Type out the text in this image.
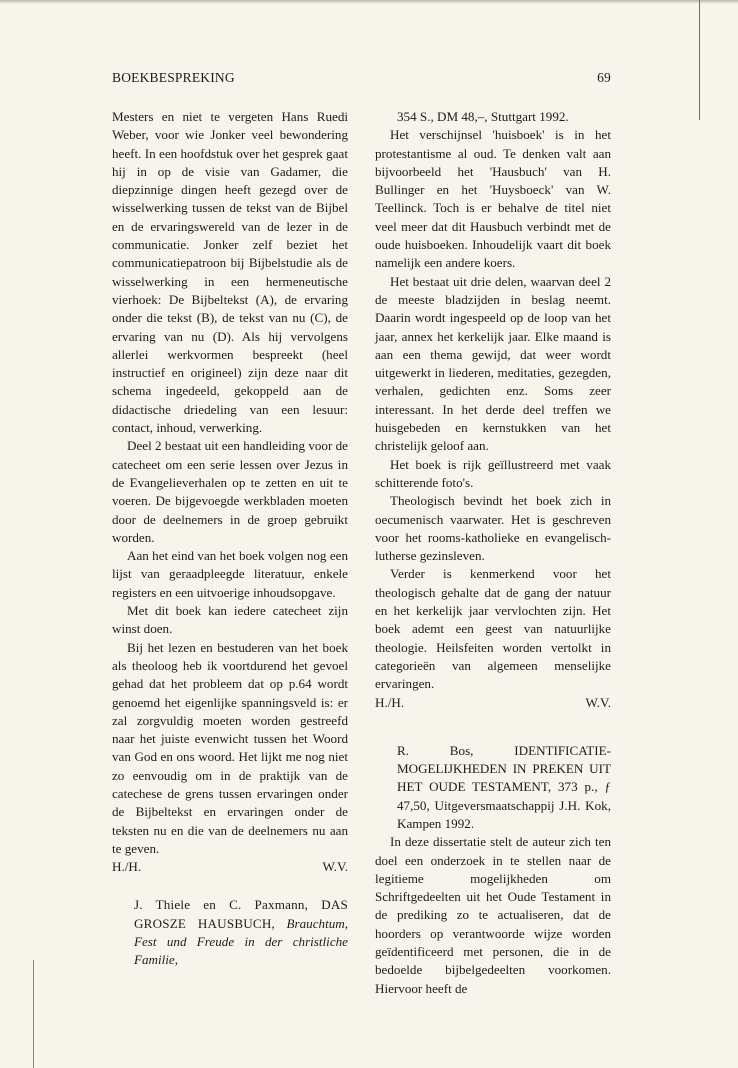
BOEKBESPREKING	69

Mesters en niet te vergeten Hans Ruedi Weber, voor wie Jonker veel bewondering heeft. In een hoofdstuk over het gesprek gaat hij in op de visie van Gadamer, die diepzinnige dingen heeft gezegd over de wisselwerking tussen de tekst van de Bijbel en de ervaringswereld van de lezer in de communicatie. Jonker zelf beziet het communicatiepatroon bij Bijbelstudie als de wisselwerking in een hermeneutische vierhoek: De Bijbeltekst (A), de ervaring onder die tekst (B), de tekst van nu (C), de ervaring van nu (D). Als hij vervolgens allerlei werkvormen bespreekt (heel instructief en origineel) zijn deze naar dit schema ingedeeld, gekoppeld aan de didactische driedeling van een lesuur: contact, inhoud, verwerking.

Deel 2 bestaat uit een handleiding voor de catecheet om een serie lessen over Jezus in de Evangelieverhalen op te zetten en uit te voeren. De bijgevoegde werkbladen moeten door de deelnemers in de groep gebruikt worden.

Aan het eind van het boek volgen nog een lijst van geraadpleegde literatuur, enkele registers en een uitvoerige inhoudsopgave.

Met dit boek kan iedere catecheet zijn winst doen.

Bij het lezen en bestuderen van het boek als theoloog heb ik voortdurend het gevoel gehad dat het probleem dat op p.64 wordt genoemd het eigenlijke spanningsveld is: er zal zorgvuldig moeten worden gestreefd naar het juiste evenwicht tussen het Woord van God en ons woord. Het lijkt me nog niet zo eenvoudig om in de praktijk van de catechese de grens tussen ervaringen onder de Bijbeltekst en ervaringen onder de teksten nu en die van de deelnemers nu aan te geven.

H./H.	W.V.

J. Thiele en C. Paxmann, DAS GROSZE HAUSBUCH, Brauchtum, Fest und Freude in der christliche Familie,

354 S., DM 48,–, Stuttgart 1992.

Het verschijnsel 'huisboek' is in het protestantisme al oud. Te denken valt aan bijvoorbeeld het 'Hausbuch' van H. Bullinger en het 'Huysboeck' van W. Teellinck. Toch is er behalve de titel niet veel meer dat dit Hausbuch verbindt met de oude huisboeken. Inhoudelijk vaart dit boek namelijk een andere koers.

Het bestaat uit drie delen, waarvan deel 2 de meeste bladzijden in beslag neemt. Daarin wordt ingespeeld op de loop van het jaar, annex het kerkelijk jaar. Elke maand is aan een thema gewijd, dat weer wordt uitgewerkt in liederen, meditaties, gezegden, verhalen, gedichten enz. Soms zeer interessant. In het derde deel treffen we huisgebeden en kernstukken van het christelijk geloof aan.

Het boek is rijk geïllustreerd met vaak schitterende foto's.

Theologisch bevindt het boek zich in oecumenisch vaarwater. Het is geschreven voor het rooms-katholieke en evangelisch-lutherse gezinsleven.

Verder is kenmerkend voor het theologisch gehalte dat de gang der natuur en het kerkelijk jaar vervlochten zijn. Het boek ademt een geest van natuurlijke theologie. Heilsfeiten worden vertolkt in categorieën van algemeen menselijke ervaringen.

H./H.	W.V.

R. Bos, IDENTIFICATIE-MOGELIJKHEDEN IN PREKEN UIT HET OUDE TESTAMENT, 373 p., ƒ 47,50, Uitgeversmaatschappij J.H. Kok, Kampen 1992.

In deze dissertatie stelt de auteur zich ten doel een onderzoek in te stellen naar de legitieme mogelijkheden om Schriftgedeelten uit het Oude Testament in de prediking zo te actualiseren, dat de hoorders op verantwoorde wijze worden geïdentificeerd met personen, die in de bedoelde bijbelgedeelten voorkomen. Hiervoor heeft de
